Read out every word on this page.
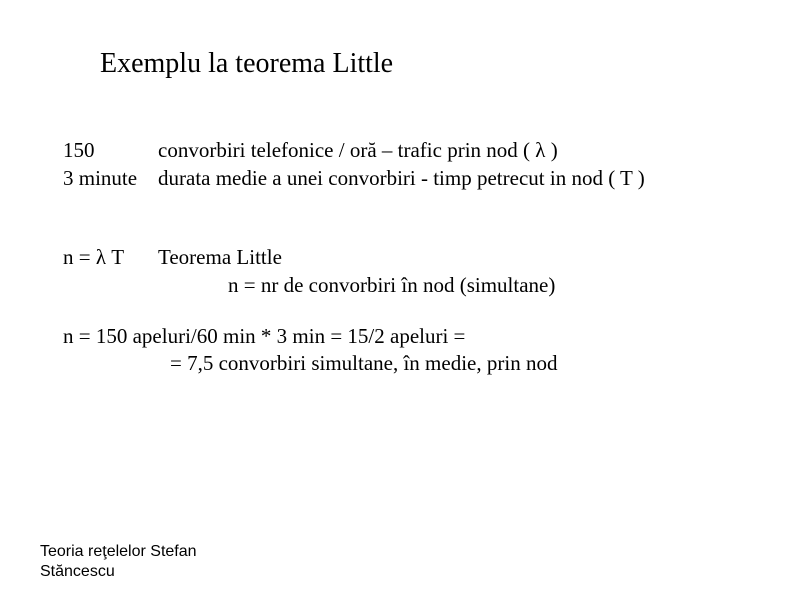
Exemplu la teorema Little
150	convorbiri telefonice / oră – trafic prin nod ( λ )
3 minute durata medie a unei convorbiri - timp petrecut in nod ( T )
n = λ T Teorema Little
n = nr de convorbiri în nod (simultane)
n = 150 apeluri/60 min * 3 min = 15/2 apeluri =
= 7,5 convorbiri simultane, în medie, prin nod
Teoria reţelelor Stefan
Stăncescu
